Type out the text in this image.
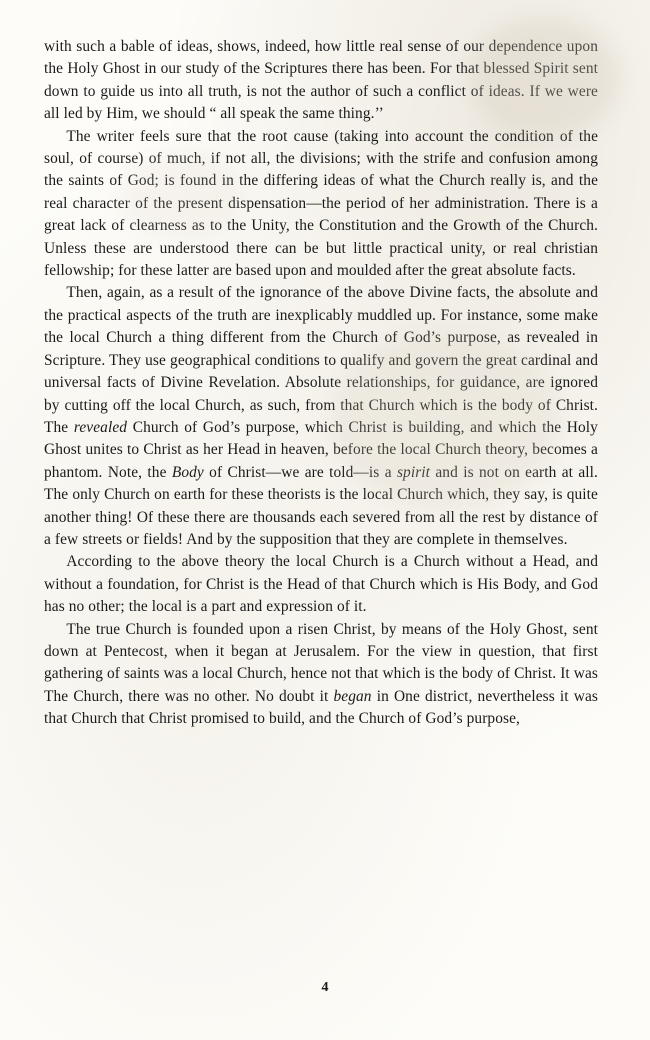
with such a bable of ideas, shows, indeed, how little real sense of our dependence upon the Holy Ghost in our study of the Scriptures there has been. For that blessed Spirit sent down to guide us into all truth, is not the author of such a conflict of ideas. If we were all led by Him, we should “ all speak the same thing.’’

The writer feels sure that the root cause (taking into account the condition of the soul, of course) of much, if not all, the divisions; with the strife and confusion among the saints of God; is found in the differing ideas of what the Church really is, and the real character of the present dispensation—the period of her administration. There is a great lack of clearness as to the Unity, the Constitution and the Growth of the Church. Unless these are understood there can be but little practical unity, or real christian fellowship; for these latter are based upon and moulded after the great absolute facts.

Then, again, as a result of the ignorance of the above Divine facts, the absolute and the practical aspects of the truth are inexplicably muddled up. For instance, some make the local Church a thing different from the Church of God’s purpose, as revealed in Scripture. They use geographical conditions to qualify and govern the great cardinal and universal facts of Divine Revelation. Absolute relationships, for guidance, are ignored by cutting off the local Church, as such, from that Church which is the body of Christ. The revealed Church of God’s purpose, which Christ is building, and which the Holy Ghost unites to Christ as her Head in heaven, before the local Church theory, becomes a phantom. Note, the Body of Christ—we are told—is a spirit and is not on earth at all. The only Church on earth for these theorists is the local Church which, they say, is quite another thing! Of these there are thousands each severed from all the rest by distance of a few streets or fields! And by the supposition that they are complete in themselves.

According to the above theory the local Church is a Church without a Head, and without a foundation, for Christ is the Head of that Church which is His Body, and God has no other; the local is a part and expression of it.

The true Church is founded upon a risen Christ, by means of the Holy Ghost, sent down at Pentecost, when it began at Jerusalem. For the view in question, that first gathering of saints was a local Church, hence not that which is the body of Christ. It was The Church, there was no other. No doubt it began in One district, nevertheless it was that Church that Christ promised to build, and the Church of God’s purpose,

4
